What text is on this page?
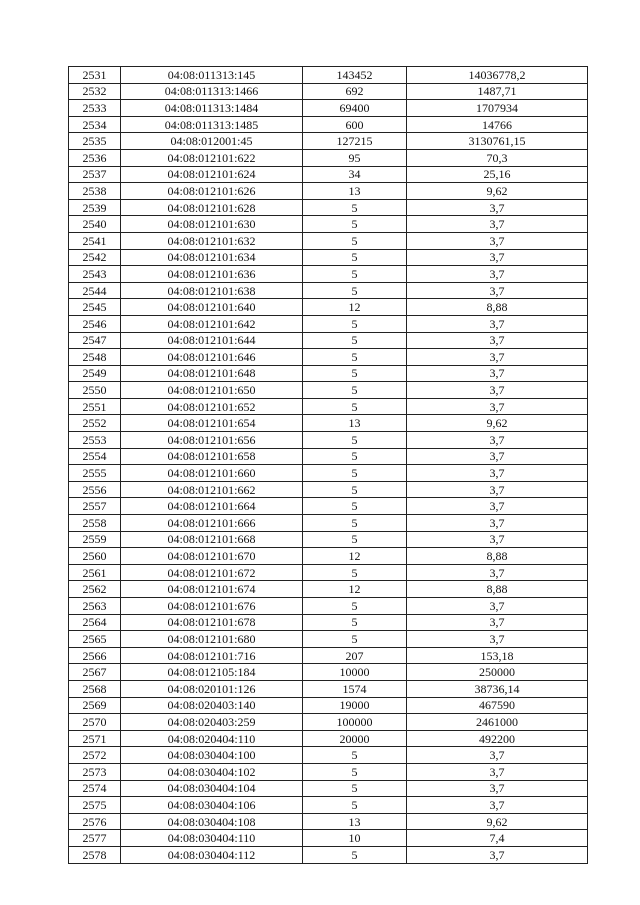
2531	04:08:011313:145	143452	14036778,2
2532	04:08:011313:1466	692	1487,71
2533	04:08:011313:1484	69400	1707934
2534	04:08:011313:1485	600	14766
2535	04:08:012001:45	127215	3130761,15
2536	04:08:012101:622	95	70,3
2537	04:08:012101:624	34	25,16
2538	04:08:012101:626	13	9,62
2539	04:08:012101:628	5	3,7
2540	04:08:012101:630	5	3,7
2541	04:08:012101:632	5	3,7
2542	04:08:012101:634	5	3,7
2543	04:08:012101:636	5	3,7
2544	04:08:012101:638	5	3,7
2545	04:08:012101:640	12	8,88
2546	04:08:012101:642	5	3,7
2547	04:08:012101:644	5	3,7
2548	04:08:012101:646	5	3,7
2549	04:08:012101:648	5	3,7
2550	04:08:012101:650	5	3,7
2551	04:08:012101:652	5	3,7
2552	04:08:012101:654	13	9,62
2553	04:08:012101:656	5	3,7
2554	04:08:012101:658	5	3,7
2555	04:08:012101:660	5	3,7
2556	04:08:012101:662	5	3,7
2557	04:08:012101:664	5	3,7
2558	04:08:012101:666	5	3,7
2559	04:08:012101:668	5	3,7
2560	04:08:012101:670	12	8,88
2561	04:08:012101:672	5	3,7
2562	04:08:012101:674	12	8,88
2563	04:08:012101:676	5	3,7
2564	04:08:012101:678	5	3,7
2565	04:08:012101:680	5	3,7
2566	04:08:012101:716	207	153,18
2567	04:08:012105:184	10000	250000
2568	04:08:020101:126	1574	38736,14
2569	04:08:020403:140	19000	467590
2570	04:08:020403:259	100000	2461000
2571	04:08:020404:110	20000	492200
2572	04:08:030404:100	5	3,7
2573	04:08:030404:102	5	3,7
2574	04:08:030404:104	5	3,7
2575	04:08:030404:106	5	3,7
2576	04:08:030404:108	13	9,62
2577	04:08:030404:110	10	7,4
2578	04:08:030404:112	5	3,7
